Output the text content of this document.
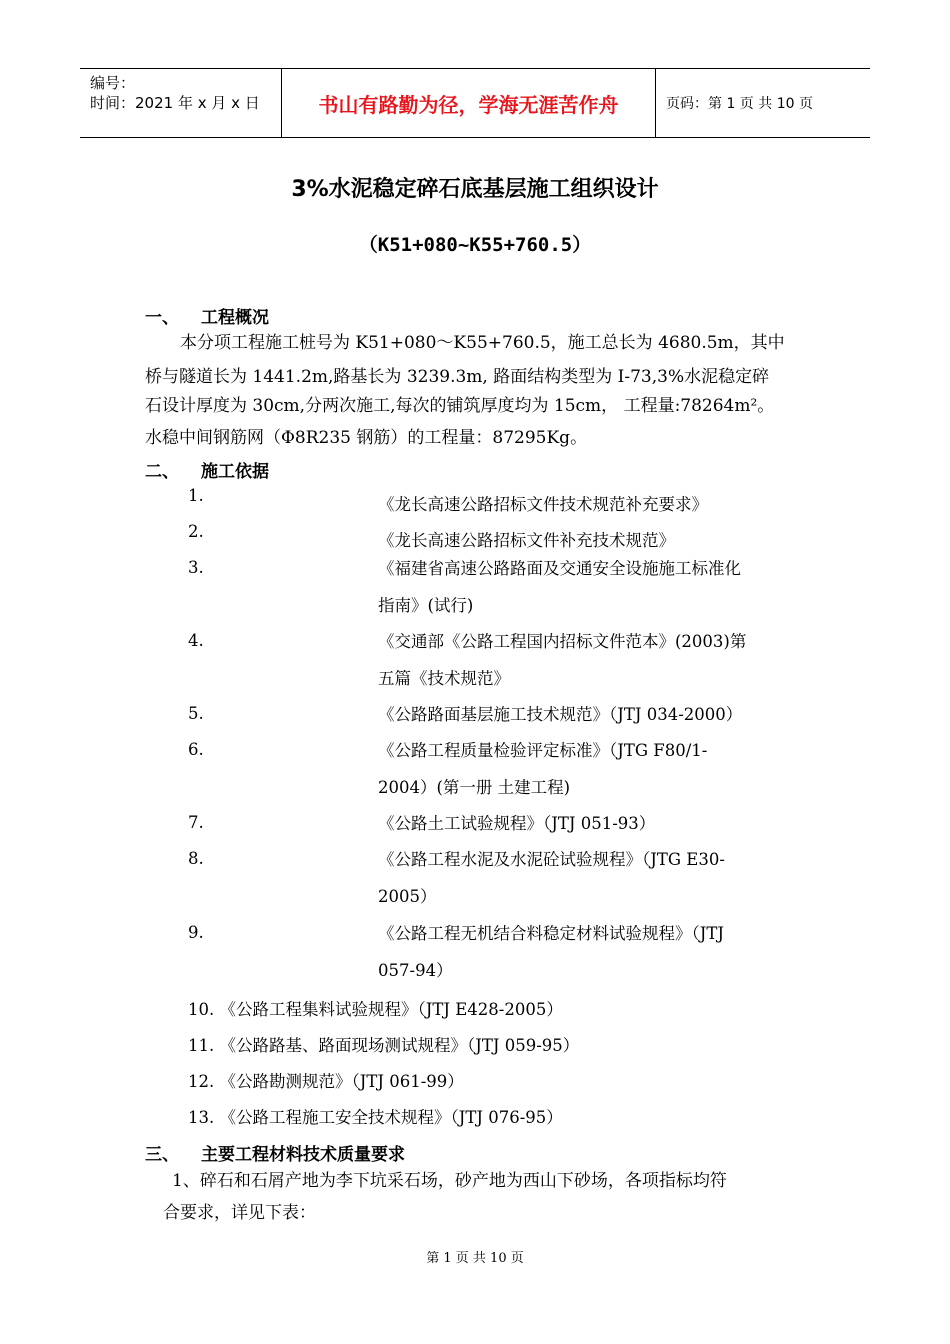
编号：
时间：2021 年 x 月 x 日	书山有路勤为径，学海无涯苦作舟	页码：第 1 页 共 10 页
3%水泥稳定碎石底基层施工组织设计
（K51+080~K55+760.5）
一、 工程概况
本分项工程施工桩号为 K51+080～K55+760.5，施工总长为 4680.5m，其中
桥与隧道长为 1441.2m,路基长为 3239.3m, 路面结构类型为 I-73,3%水泥稳定碎
石设计厚度为 30cm,分两次施工,每次的铺筑厚度均为 15cm， 工程量:78264m²。
水稳中间钢筋网（Φ8R235 钢筋）的工程量：87295Kg。
二、 施工依据
1.	《龙长高速公路招标文件技术规范补充要求》
2.	《龙长高速公路招标文件补充技术规范》
3.	《福建省高速公路路面及交通安全设施施工标准化
指南》(试行)
4.	《交通部《公路工程国内招标文件范本》(2003)第
五篇《技术规范》
5.	《公路路面基层施工技术规范》（JTJ 034-2000）
6.	《公路工程质量检验评定标准》（JTG F80/1-
2004）(第一册 土建工程)
7.	《公路土工试验规程》（JTJ 051-93）
8.	《公路工程水泥及水泥砼试验规程》（JTG E30-
2005）
9.	《公路工程无机结合料稳定材料试验规程》（JTJ
057-94）
10. 《公路工程集料试验规程》（JTJ E428-2005）
11. 《公路路基、路面现场测试规程》（JTJ 059-95）
12. 《公路勘测规范》（JTJ 061-99）
13. 《公路工程施工安全技术规程》（JTJ 076-95）
三、 主要工程材料技术质量要求
1、碎石和石屑产地为李下坑采石场，砂产地为西山下砂场，各项指标均符
合要求，详见下表：
第 1 页 共 10 页
